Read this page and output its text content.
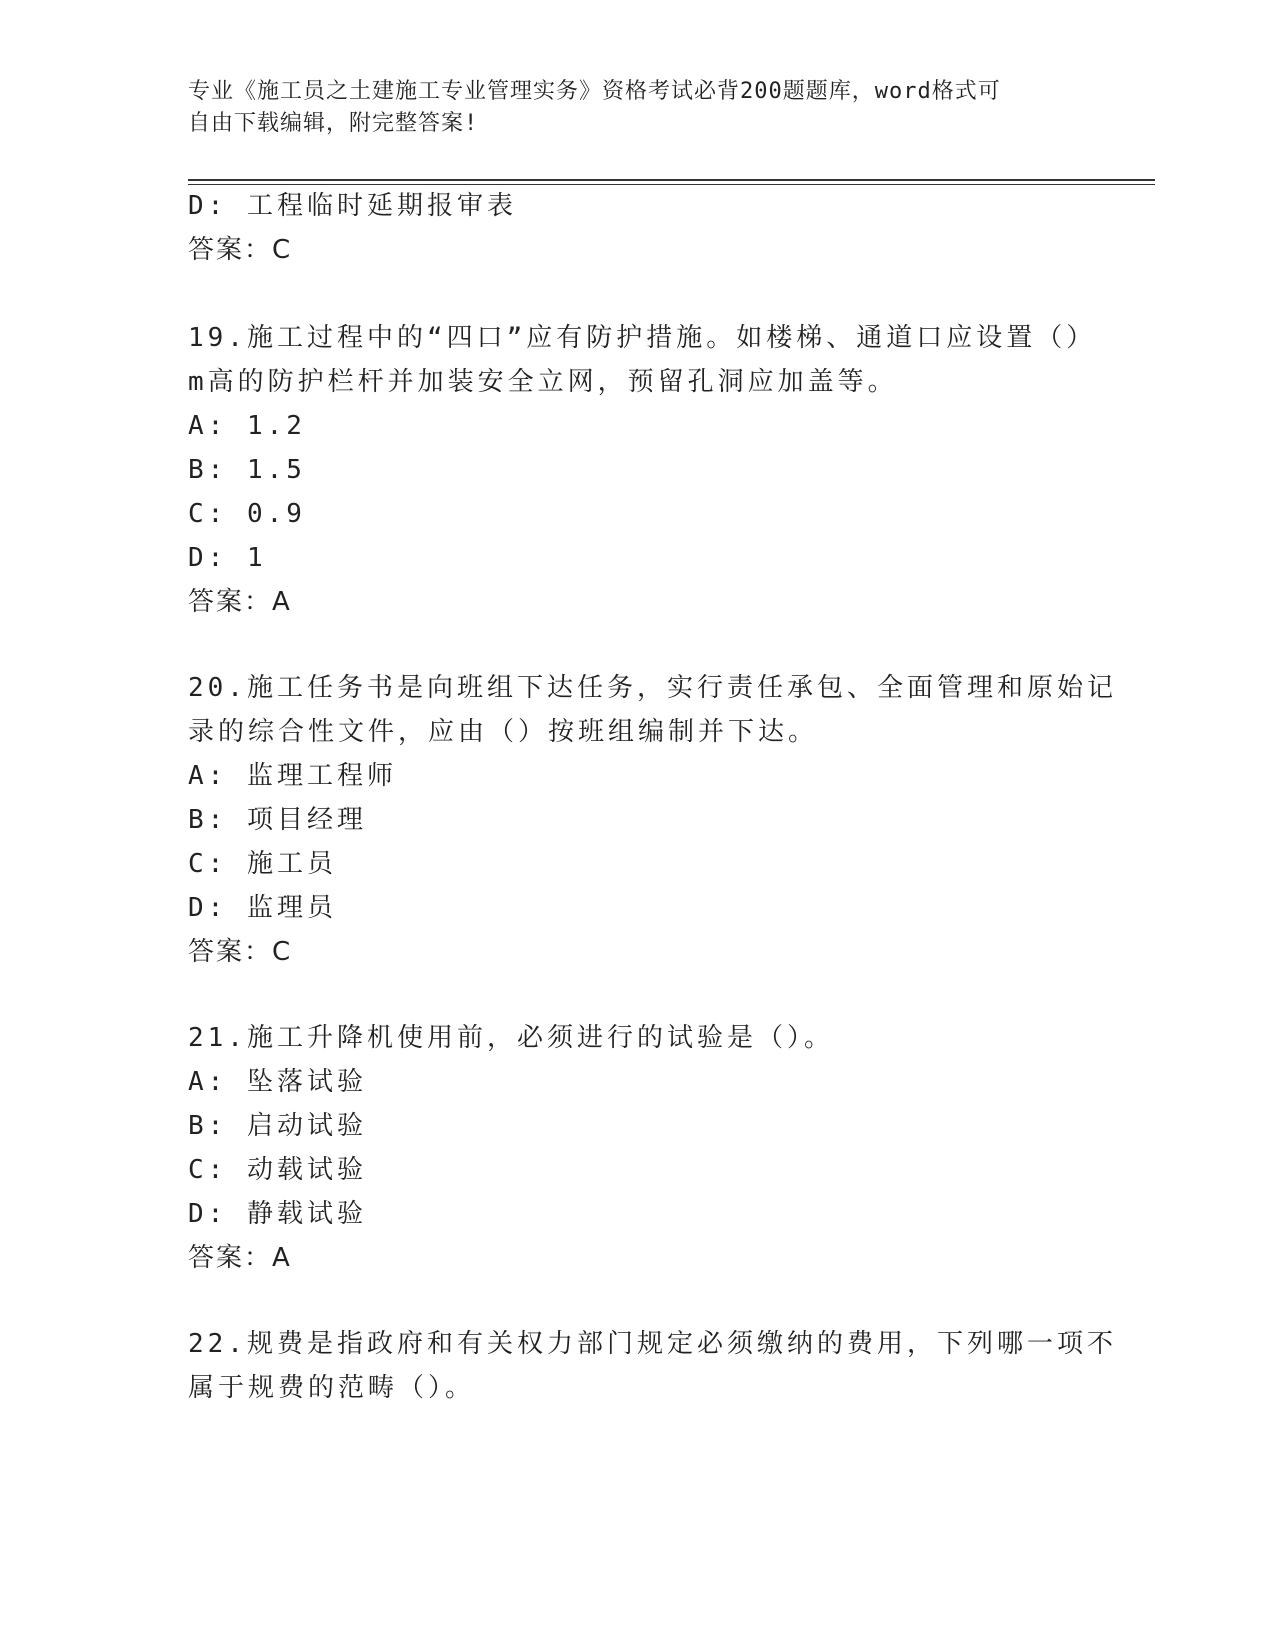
专业《施工员之土建施工专业管理实务》资格考试必背200题题库，word格式可
自由下载编辑，附完整答案!
D: 工程临时延期报审表
答案：C
19.施工过程中的“四口”应有防护措施。如楼梯、通道口应设置（）
m高的防护栏杆并加装安全立网，预留孔洞应加盖等。
A: 1.2
B: 1.5
C: 0.9
D: 1
答案：A
20.施工任务书是向班组下达任务，实行责任承包、全面管理和原始记
录的综合性文件，应由（）按班组编制并下达。
A: 监理工程师
B: 项目经理
C: 施工员
D: 监理员
答案：C
21.施工升降机使用前，必须进行的试验是（）。
A: 坠落试验
B: 启动试验
C: 动载试验
D: 静载试验
答案：A
22.规费是指政府和有关权力部门规定必须缴纳的费用，下列哪一项不
属于规费的范畴（）。
